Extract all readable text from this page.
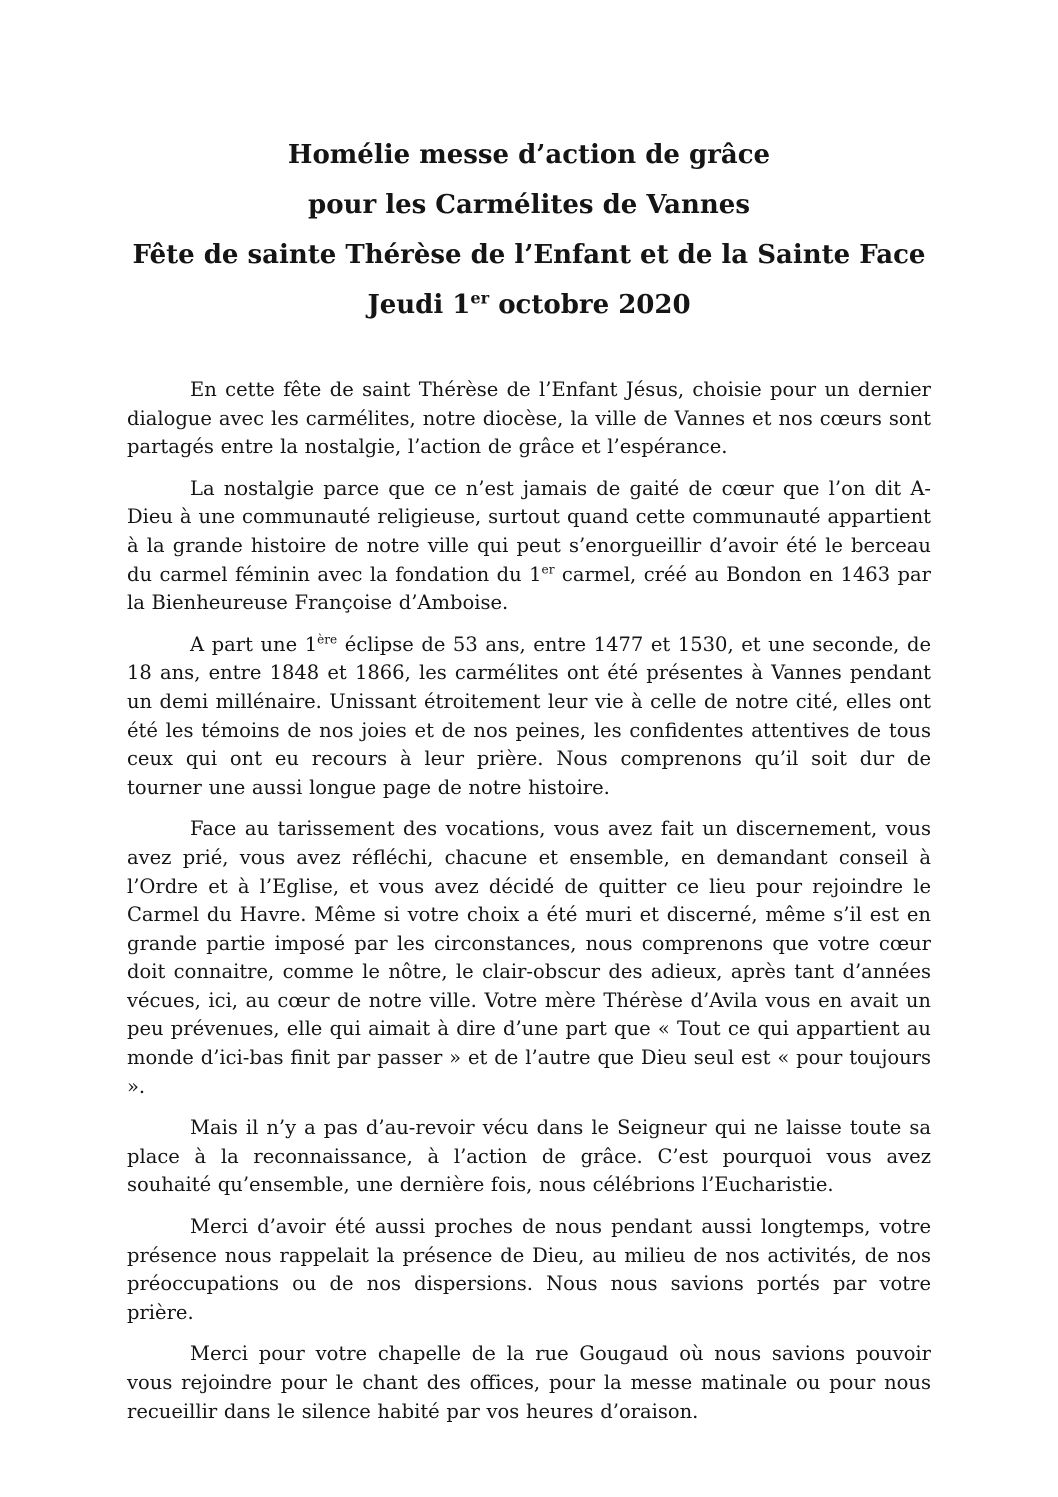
Homélie messe d’action de grâce
pour les Carmélites de Vannes
Fête de sainte Thérèse de l’Enfant et de la Sainte Face
Jeudi 1er octobre 2020

En cette fête de saint Thérèse de l’Enfant Jésus, choisie pour un dernier dialogue avec les carmélites, notre diocèse, la ville de Vannes et nos cœurs sont partagés entre la nostalgie, l’action de grâce et l’espérance.

La nostalgie parce que ce n’est jamais de gaité de cœur que l’on dit A-Dieu à une communauté religieuse, surtout quand cette communauté appartient à la grande histoire de notre ville qui peut s’enorgueillir d’avoir été le berceau du carmel féminin avec la fondation du 1er carmel, créé au Bondon en 1463 par la Bienheureuse Françoise d’Amboise.

A part une 1ère éclipse de 53 ans, entre 1477 et 1530, et une seconde, de 18 ans, entre 1848 et 1866, les carmélites ont été présentes à Vannes pendant un demi millénaire. Unissant étroitement leur vie à celle de notre cité, elles ont été les témoins de nos joies et de nos peines, les confidentes attentives de tous ceux qui ont eu recours à leur prière. Nous comprenons qu’il soit dur de tourner une aussi longue page de notre histoire.

Face au tarissement des vocations, vous avez fait un discernement, vous avez prié, vous avez réfléchi, chacune et ensemble, en demandant conseil à l’Ordre et à l’Eglise, et vous avez décidé de quitter ce lieu pour rejoindre le Carmel du Havre. Même si votre choix a été muri et discerné, même s’il est en grande partie imposé par les circonstances, nous comprenons que votre cœur doit connaitre, comme le nôtre, le clair-obscur des adieux, après tant d’années vécues, ici, au cœur de notre ville. Votre mère Thérèse d’Avila vous en avait un peu prévenues, elle qui aimait à dire d’une part que « Tout ce qui appartient au monde d’ici-bas finit par passer » et de l’autre que Dieu seul est « pour toujours ».

Mais il n’y a pas d’au-revoir vécu dans le Seigneur qui ne laisse toute sa place à la reconnaissance, à l’action de grâce. C’est pourquoi vous avez souhaité qu’ensemble, une dernière fois, nous célébrions l’Eucharistie.

Merci d’avoir été aussi proches de nous pendant aussi longtemps, votre présence nous rappelait la présence de Dieu, au milieu de nos activités, de nos préoccupations ou de nos dispersions. Nous nous savions portés par votre prière.

Merci pour votre chapelle de la rue Gougaud où nous savions pouvoir vous rejoindre pour le chant des offices, pour la messe matinale ou pour nous recueillir dans le silence habité par vos heures d’oraison.
